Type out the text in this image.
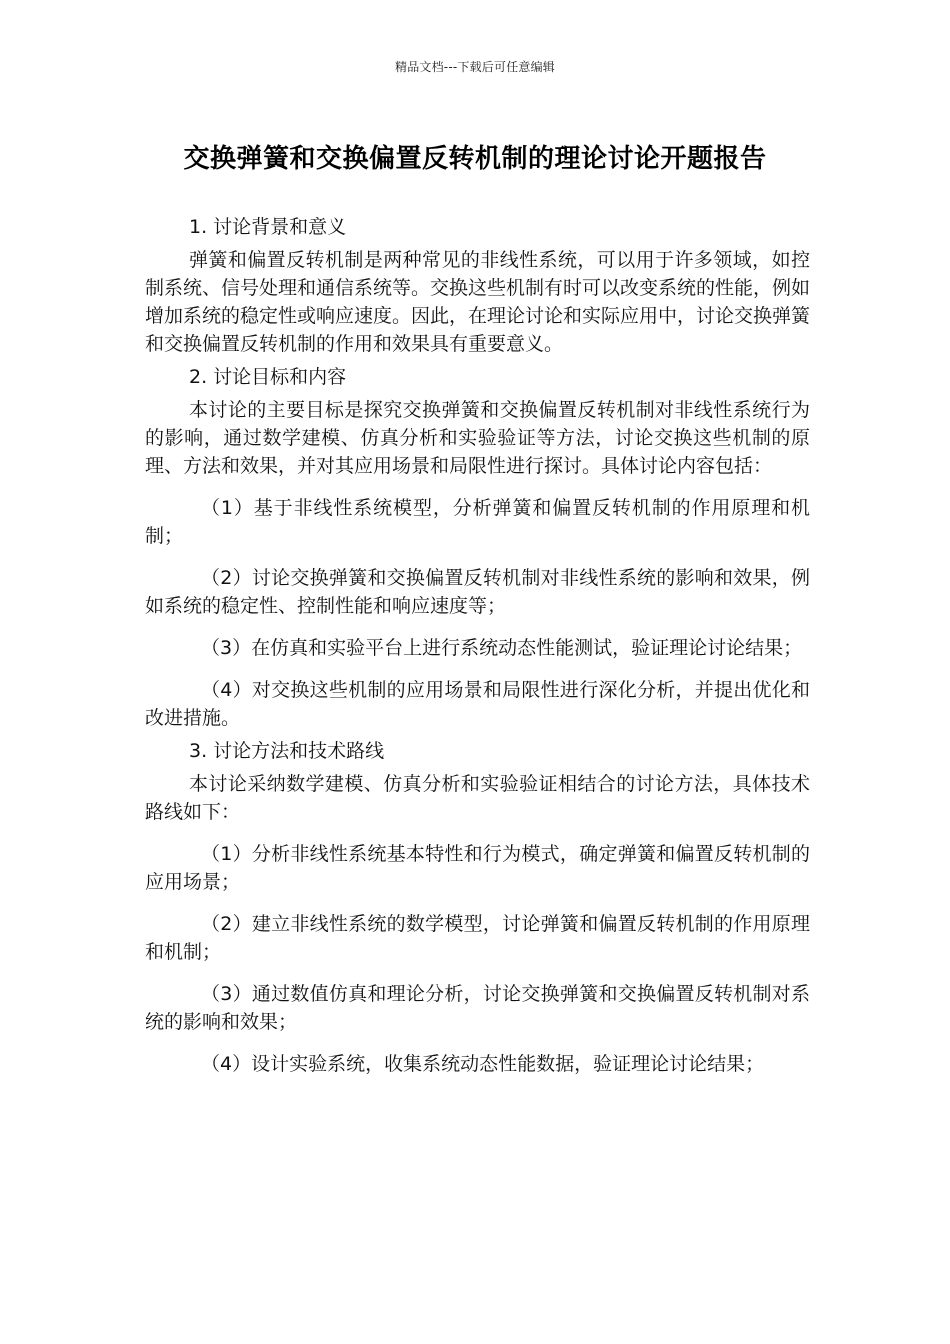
精品文档---下载后可任意编辑
交换弹簧和交换偏置反转机制的理论讨论开题报告
1. 讨论背景和意义
弹簧和偏置反转机制是两种常见的非线性系统，可以用于许多领域，如控制系统、信号处理和通信系统等。交换这些机制有时可以改变系统的性能，例如增加系统的稳定性或响应速度。因此，在理论讨论和实际应用中，讨论交换弹簧和交换偏置反转机制的作用和效果具有重要意义。
2. 讨论目标和内容
本讨论的主要目标是探究交换弹簧和交换偏置反转机制对非线性系统行为的影响，通过数学建模、仿真分析和实验验证等方法，讨论交换这些机制的原理、方法和效果，并对其应用场景和局限性进行探讨。具体讨论内容包括：
（1）基于非线性系统模型，分析弹簧和偏置反转机制的作用原理和机制；
（2）讨论交换弹簧和交换偏置反转机制对非线性系统的影响和效果，例如系统的稳定性、控制性能和响应速度等；
（3）在仿真和实验平台上进行系统动态性能测试，验证理论讨论结果；
（4）对交换这些机制的应用场景和局限性进行深化分析，并提出优化和改进措施。
3. 讨论方法和技术路线
本讨论采纳数学建模、仿真分析和实验验证相结合的讨论方法，具体技术路线如下：
（1）分析非线性系统基本特性和行为模式，确定弹簧和偏置反转机制的应用场景；
（2）建立非线性系统的数学模型，讨论弹簧和偏置反转机制的作用原理和机制；
（3）通过数值仿真和理论分析，讨论交换弹簧和交换偏置反转机制对系统的影响和效果；
（4）设计实验系统，收集系统动态性能数据，验证理论讨论结果；
